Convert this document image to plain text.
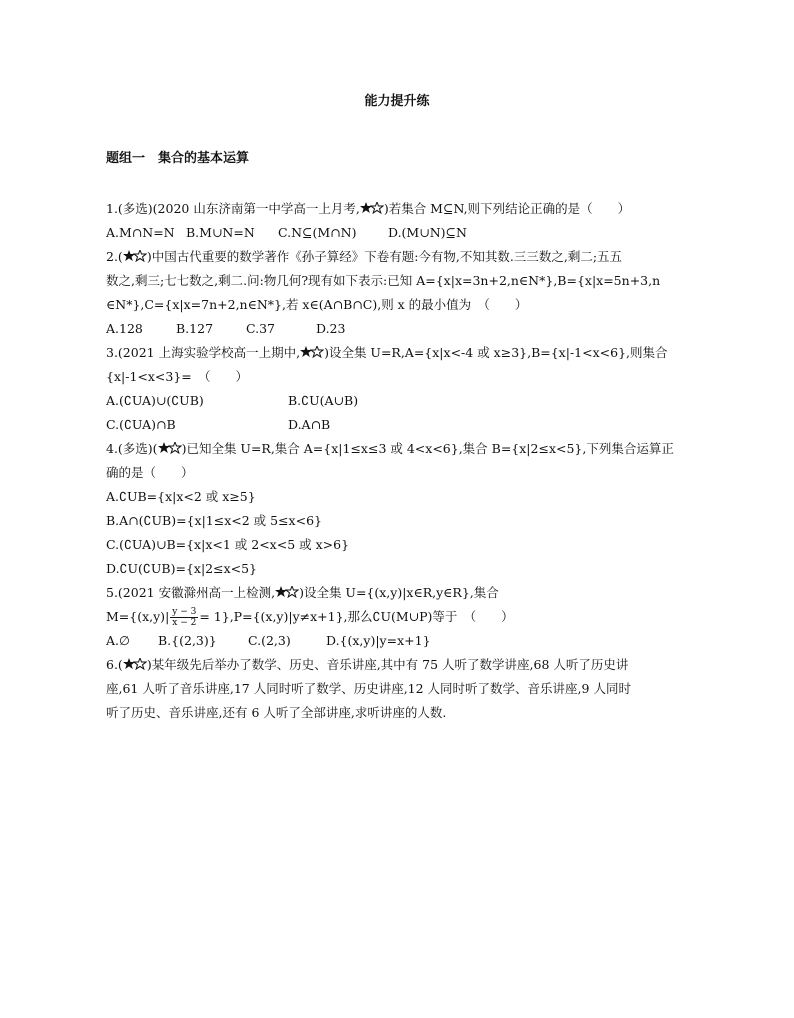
能力提升练
题组一　集合的基本运算
1.(多选)(2020 山东济南第一中学高一上月考, )若集合 M⊆N,则下列结论正确的是（　　）
A.M∩N=N B.M∪N=N	C.N⊆(M∩N)	D.(M∪N)⊆N
2.( )中国古代重要的数学著作《孙子算经》下卷有题:今有物,不知其数.三三数之,剩二;五五
数之,剩三;七七数之,剩二.问:物几何?现有如下表示:已知 A={x|x=3n+2,n∈N*},B={x|x=5n+3,n
∈N*},C={x|x=7n+2,n∈N*},若 x∈(A∩B∩C),则 x 的最小值为　（　　）
A.128	B.127	C.37	D.23
3.(2021 上海实验学校高一上期中, )设全集 U=R,A={x|x<-4 或 x≥3},B={x|-1<x<6},则集合
{x|-1<x<3}=　（　　）
A.(∁UA)∪(∁UB)	B.∁U(A∪B)
C.(∁UA)∩B	D.A∩B
4.(多选)( )已知全集 U=R,集合 A={x|1≤x≤3 或 4<x<6},集合 B={x|2≤x<5},下列集合运算正
确的是（　　）
A.∁UB={x|x<2 或 x≥5}
B.A∩(∁UB)={x|1≤x<2 或 5≤x<6}
C.(∁UA)∪B={x|x<1 或 2<x<5 或 x>6}
D.∁U(∁UB)={x|2≤x<5}
5.(2021 安徽滁州高一上检测, )设全集 U={(x,y)|x∈R,y∈R},集合
$M=\{(x,y)| \frac{y - 3}{x - 2} = 1\},P=\{(x,y)|y\ne x+1\}$,那么∁U(M∪P)等于　（　　）
A.∅	B.{(2,3)}	C.(2,3)	D.{(x,y)|y=x+1}
6.( )某年级先后举办了数学、历史、音乐讲座,其中有 75 人听了数学讲座,68 人听了历史讲
座,61 人听了音乐讲座,17 人同时听了数学、历史讲座,12 人同时听了数学、音乐讲座,9 人同时
听了历史、音乐讲座,还有 6 人听了全部讲座,求听讲座的人数.
